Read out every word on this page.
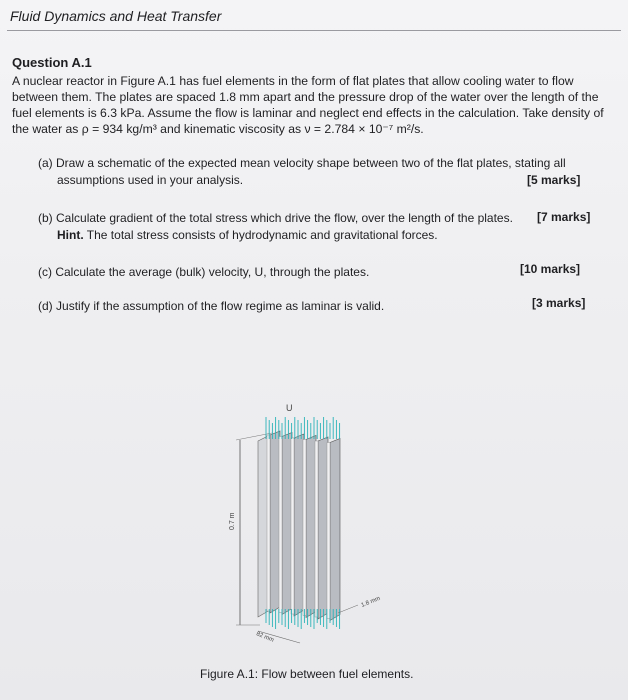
Fluid Dynamics and Heat Transfer
Question A.1
A nuclear reactor in Figure A.1 has fuel elements in the form of flat plates that allow cooling water to flow between them. The plates are spaced 1.8 mm apart and the pressure drop of the water over the length of the fuel elements is 6.3 kPa. Assume the flow is laminar and neglect end effects in the calculation. Take density of the water as ρ = 934 kg/m³ and kinematic viscosity as ν = 2.784 × 10⁻⁷ m²/s.
(a) Draw a schematic of the expected mean velocity shape between two of the flat plates, stating all
assumptions used in your analysis.	[5 marks]
(b) Calculate gradient of the total stress which drive the flow, over the length of the plates.	[7 marks]
Hint. The total stress consists of hydrodynamic and gravitational forces.
(c) Calculate the average (bulk) velocity, U, through the plates.	[10 marks]
(d) Justify if the assumption of the flow regime as laminar is valid.	[3 marks]
U
0.7 m
1.8 mm
82 mm
Figure A.1: Flow between fuel elements.
